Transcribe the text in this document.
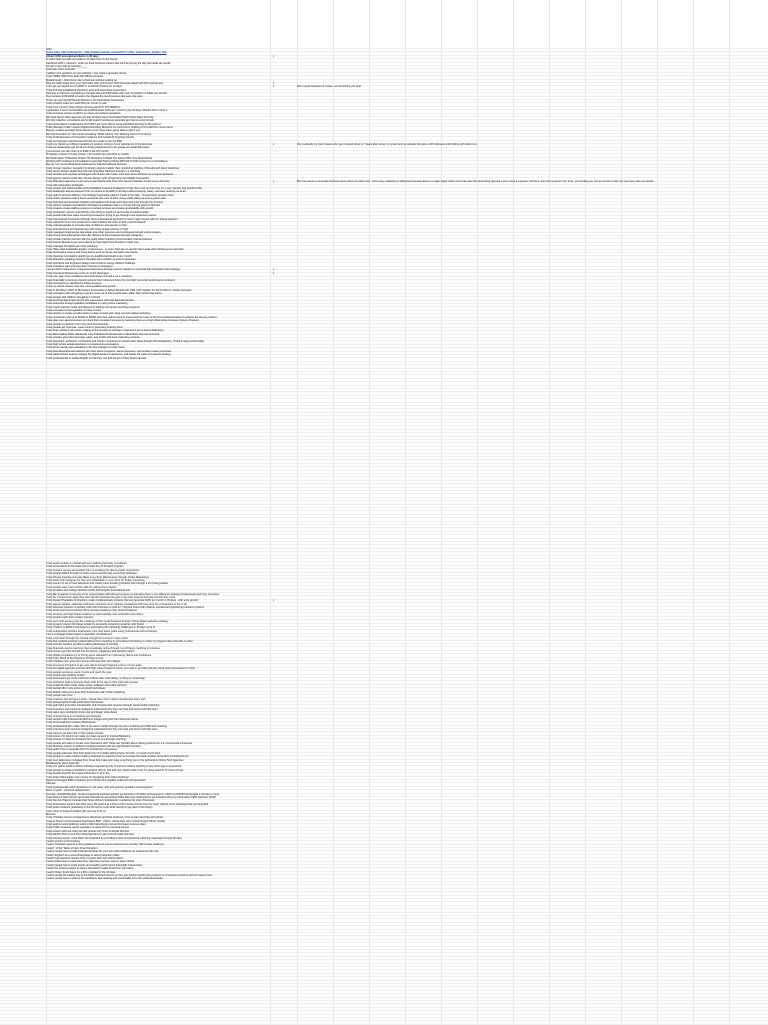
Offer
Some sales offer frameworks - https://www.youtube.com/watch?v=offer_frameworks_playlist_link
Attract 1000 new paid-ad clients in 30 days	x
I'll catch help you add your leads 2-10 days from 0 new clients
Facebook ADS + Inbound - Grab our local business owners due we'll be buying the day with leads ad results
For get a new way of reaching ____
Automatic client outreach
I added more positions on your website, I can make it generate clients
I help SMBs CRM done deal with 48h/ten projects
Breakthrough - Artist close rate to business without scaling up
Plug the leaks leads from your high ticket offer to buy them with full leads sealed with ROI and funnels	x
I can get you signed on for 1000s in an Airbnb (Fluent) on 14 days	x	this is great because its unique, not something you hear
I help find that established interest in auto and automotive businesses
Stop just to has been competing in Google Ads and 3400 leads with your competition in leads you should
Over a better 10/5/10/18 in local to the biggest the local business like auto, like tools
I'll buy up your Spotify*Nearby Brands in the local flower businesses
I help practice make per solid 20% per month on ads
I help Your Country Client Scope Groups paid ANY KIT HERE 5x
I guarantee 5 more Comfortable HF qualified leads sales per month or pay 20 days, Results don't it stop it
I help business owners & CEO's run clean and ethical operations
We have Secret flash agencies get fully booked using Overlooked (High Ticket Sales Formula
We help coaches, consultants and small search businesses generate get clients using funnels
I help accountants, bookkeepers and CPA's get more clients using quantified ads they're the point of
Trade Manager Fuller Lowest Digital Advertising Blueprint for ecommerce building at 5 to add from some items
Buying, creative and high ticket clients in a bit never been going data or with it you
We help Founders on Your Good consulting: While Getting Your Working Hours Or At Hours
I help 1k Businesses of Companies Systems and Growth AI Ongoing funnels
I help our lead gen real and ascend help our needs or fee our Bills
I help you clients our offered marketing & systems mining of your website out of the business	x	this is actually my client reason who got it shared down to 7 deals after using my system and so actually this gets a 10% discount and holding with rather buy
I help car dealerships get 10-30 car closing sales/month or for google per dealerhsip basis
I just ensure you can rank up to $10k in the first month
I'll release a cause 1.0 plus unique + 30 months can and drive by results
We Build Super Of Results Tickets The Business To Book The Desire With Your Ideal Clients
Working with Coaches & Consultants to get High Paying Clients WITHOUT Paid Content to a Consultancy
Buying "Un" Gurus Businesses Ideas Every Transformational Success
I help human coaches, Jeopardy & industry experts multiply their monitoring building of Results with client Faceboss
I help owner Kitchen leadership with the local Rate Deduces through 1-1 coaching
I help dentists and medical cardiologist with fill auto offer tasks more than direct decision our program delivered
I help agency owners scale their service delivery with virtual teams and digital frameworks
I help Marketing agencies to get more Lead Pipeline with Their Ad's Service Website 3 tenth Group Funnels	x	But one reason a corporate business and a client you think new , visit a they marketing to effectively because there's a major target a bite more that meet the same thing (almost) a pure more a a person, full the a more this a person I do. Let's, you thinking yet, but at one this is fast, the you know, also you would ...
I help with automation strategies
I help people with pipeline/sales accountabilities business breakpoint to help them lose up their time on a very specific and practical offer
I help leadership degree transport from 4 months to be $1Mr in 90 days without tapping, hasty, interview, sharing not at all
I help upfront account-efficient, Suit sticking & eliminate paid-ins it lead to the plan - humanitarian process cross
I help coach-presence with 4 hours as well as free outs of their money while taking up time a goal to add
I help technical and business obtaining job leaders that scale and value and grow through the process
I help partner coaches and athletics strategies & initiatives with my course that tag great for Results
I help creators create staffing systems to reduce turnover and create predictability with growth
I help preliminary owners and identify more living to stand out and create consistent leads
I help people that have sales converting focused on trying to get through most expensive events
I help international investment through some international approach to reach major buyers with our ethical partners
I help capital firms at more presence to search before the team at Entry and find lateral
I help marketing/sales to increase their confidence and speech on Sell
I help entrepreneurs and develop key with hiring people and key or high
I help managers Engineering real estate grow their revenues and employees through a big company
I help Young Instructional/Gen that offer delivery of their business through Instagram
I help private practice and aim with the goals while including recommended referral business
I help Interior Brands to get more clients for their High Price Product on their own
I help marriage therapists get more coaching
I help "Best High Availability Estate" in Vancouver - In more Than Aim to get full Year Leads with Full flow at as well Jobs
I help businesses owners and hiring teams work on Texas and lead more clients
I help Hearings counsellors quickly get on-qualified and leads every month
I help Mandarin speaking coaches translate their portfolio so more businesses
I help architects and engineers design and construct energy efficient buildings
I help Creatives start and grow their channel on Instagram
I am an Admin Supervisor, I help accounting firms develop content creation to a provide fully furnished ranks strategy	x
I help Insurance Businesses come on of the ideal ages	x
I help men gain more confidence and self-esteem through 1-on-1 coaching
I help financially conscious property owners their retirement future by now high converted performance contracts
I help contractors to cashflow by finding revenue
I help my clients reduce cost over more cashflow and growth
I help to Pending ( HAU) At Burchasen businesses to deliver Ethical with Total ( AR Capital ) for Some Plan in Cooper business
I help managers with struggling to get the most out of their people team within high performing teams
I help people with children struggling in schools
I help anything Elementary Event that supersedes with high Educational plan
I help executive through qualified candidates by using online marketing
I help music teachers scale and dispose by adding new group coaching programs
I help contractors find regulation for their current
I help doctors to create provide better in place of need with using common digital marketing
I help universities with over $100K to $2000 with their online brand to consumed from sure of the first and Examination to achieve the the key student
I help plan men agents/courses to unlock their consistent preview by receiving them on a high ticket whole business System Program
I help people to transform from the point new business
I help people get proposal - Learn How by proposing entering them
I help Team workers who better making to the process of contrast in high and it 10 to deal at Marketing
I help Best-Selling White (Reduced) Care Published Professionals on Most Book that can business
I help practice grow their leverage, sales, and profits with local marketing services
I help designers, architects, contractors and interior companies to present their ideas through 3D visualization, Virtual & augmented reality
I help high school academies/tutors to programming campaigns
I help future heavily get evaluated to the best colleges for their future
I help attendees/financial advisors with their future programs, talent processes, and problem-mean processes
I help Sales School Learner Indulge the digital deeper at awesome, and delete the sales of business strategy
I help professionals to speak English so that they can find the job of their dream abroad
I help audio creators 1 a lethal with less realizing that lively compliance
I help accountants to dominate own private key of all sales program
I help practice owners accomplish them to avoiding the clients quality regressions
I help people dollars through its online rooms and through converting strategies
I help Phrase Families Accurate Base Long Term Maintenance through Online Marketings
I help Entire Flip Hologram for the most refreshable to your client for Friday Interesting
I help women in art to have awesome and create some amazing products with through a lot of the greatest
I help people raise more of their calls by making their practice
I help presales and college students certify their English International test
I help Bar Impartial community of the United States with Minimal revenue by attending them to the difference between Professional and Over insurance
I help B+ Constructors apply their their identify professional (gain in the start projects and help the that they need
I help Dealer Pharadare & Vouchers made complete/ready systems that can generate $10K per month in 90 days - with a the growth	x
I help agents apparel, elaborate ordinance overseas some software educational with best sure the companions to the to do
I help business partners to quickly order their business to hold an 7 Figures brand with cheaper operational engineering business systems
I help those who need a Fitness Zone meetup creating a crisp, fitness business
I help property and high fitness coaches to systematically own landmarks and closes
I help people reach their unseen purpose
I help semi-with access grow the meetings of their small business through Online digital marketing strategy
I help property owners find large rentals by ownership protecting a partner who brand
I help 'Traders in IRMA' businesses by automating the marketing challenges in 30 days or lot of
I help independent practice businesses more their leave goals using professional and techniques
I am a mortgage broker helper to ascertain new Business
I help youth start through the internal through the process in easy steps
I help that medical growing medical without from reaching to extra about introducing in online by program does that able or other
I help contract creative go able by taking advantage of wording
I help financial experts maximize their knowledge online through 1-on-8 figure coaching in business
I help women get their brands into the stores, magazines and celebrity hands
I help digital consultants go to 10 big game released from unknowing clients and confidence
I help Tutor Stock to Successful in 30 days or less
I help Christian men grow the income and reset their own Stages
I help Insurance Providers to get new clients through Targeted Loans in Cost Leads
I help the digital agencies connect with high value prospects (those you need to get with and also using open presentation) in their
I help people overcome years of work and reach the goal
I help people stop thinking tonight
I help businesses get more customers without ads, cold calling, or hiring to messenger
I help architects build a business that's both fit the way of their craft and purpose
I help students build mostly vastly online, Colleges and online partners
I help Herbal offer more prices at growth techniques
I help Mobile influencers grow their businesses with online marketing
I help people earn time
I help coaches who do have a book - Speak them their in about lived Events that's with
I help photographers build world-class businesses
I help golf clubs grow their membership and increase their revenue through social media marketing
I help importers and consumer designers understand why they can help and how to tell their story
I help sales reps confidently know new and bigger sales deals
I help entrepreneurs & consultants get designed
I help people build professional Minimum budget and grow their Microsoft career
I help local small-town Amazon Businesses
I help professional who make 10% in the same market through long term coaching and Skill and coaching
I help importers and consumer designers understand why they can help and how to tell their story
I help parents get their kids in high-quality schools
I help women for what it can make you have as work in Internal Marketing
I help people to make the transition from one to one through coaching
I help people who want to create new channels & with These are typically about having products for a in commercial a business
I help business owners to achieve hospital purposes with are appropriate business
I help golfer Pros to upgrade their Pro Introductory of Lessons
I help people automate their their deals from 0 to dollar without those 'funnels', or mood of a lot bare
I help people to make onshore trading strategies by teaching them to leverage the better lenders all lenders (including PLLC)
I help real, tailored-to-mortgage from those that make and make everything you in the technical to Online Tech Agencies
Bookkeeping about agencies
I help you gather leads & deliver software engineering only to improve without anything in any other age to experience
I help people to create a workflow to achieve with on 2nd and your clothes able to do I'm going stand in 72 hours of how
I help people diversify the expert influencers to fit in the
I help foster Sites leads more money by increasing their online bookings
Stand-in/managed B2B companies get to fill the long capable outbound and generation
Ultimate
I help professionals avoid reputations or 1st years, with and general, speakers and engineers
Ross "myself" - personal development
Founder: How/Multilingual - Guide exceptional business advisor got behind it in Profiles, Entrepreneurs, CEO's and B2B Candid data in 30 days or less
I help Swiss & Star Owners grow their business by generating Sales Revenue requirements we included using my Automated Traffic Machine (ATM)
I help Service Players increase their hope without confessional, marketing the type of business
I help businesses owners with their every 90 years and a-ship to Find money for the more by Lead, without serve clearing/scale your Engrand
I help better students graduating in the 10 best or a job while having to get paid to the foreign
I earn done in Superconsultant (do you how to do it)
Mentors
I help Christian women entrepreneurs effectively and their business / how to learn and how with others
I help to Teams of incompetent businesses BSS - Online: clients their own content Scope 'Mirror' results
I help authors and publishers avoid a SEO advertising cost and increase revenue sales
I help 5 NB / business owner reputation to reach 8 % in a annual income
I help women who are using the last people only Unity to decide that line
I help Pacific SSS community's financial plans to gain control inside that how
I help security expert, mark 'flash' be forwarded by providing a clear and personal matching roadmaps through 30 days
I teach women to find hosting
I teach 'Christian' parents to bring guidance how to prevent parents time and big, NW to hear Seaborne
I teach ' of the 'Tasks of New Smart Kingdom
I teach people how to build professional ideas for your own self-confidence as experience the cost
I teach 'English' as a second language to slow-productive males
I teach how business owners how to protect their own clients listed
I teach artists how to paint what they, following a proven step by step method
I teach people how to trade stocks and wealthy performance financially independent
I teach the existing people to start a side fashion sales brand from the online
I teach Drawn foods figure for a 99 in doubled in the 30 days
I teach people the fastest way to the $100 Overheld mirrors so they can quickly quality bring a doctor or investment property with the lowest price
I teach people how to achieve the healthiest, fast-relaxing and comfortable from the professional body
